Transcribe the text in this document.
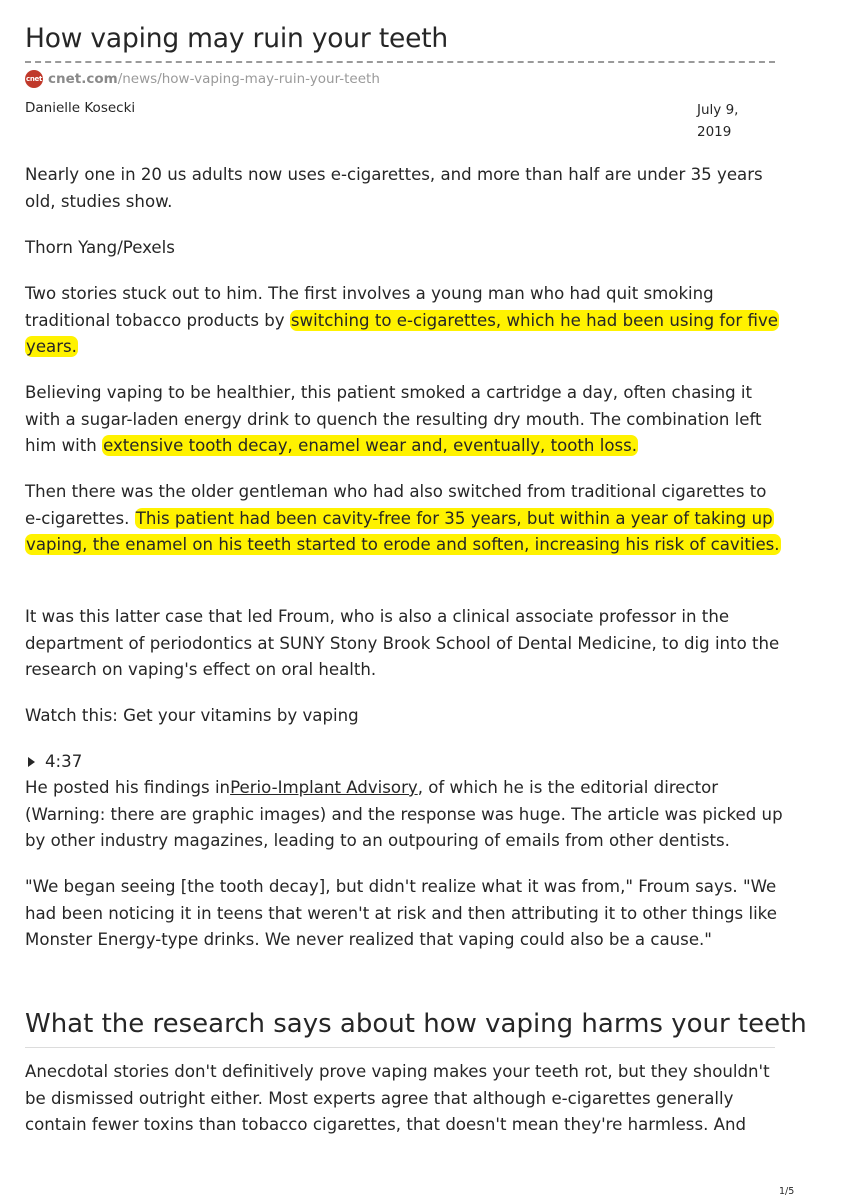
How vaping may ruin your teeth
cnet cnet.com /news/how-vaping-may-ruin-your-teeth
Danielle Kosecki	July 9, 2019

Nearly one in 20 us adults now uses e-cigarettes, and more than half are under 35 years old, studies show.

Thorn Yang/Pexels

Two stories stuck out to him. The first involves a young man who had quit smoking traditional tobacco products by switching to e-cigarettes, which he had been using for five years.

Believing vaping to be healthier, this patient smoked a cartridge a day, often chasing it with a sugar-laden energy drink to quench the resulting dry mouth. The combination left him with extensive tooth decay, enamel wear and, eventually, tooth loss.

Then there was the older gentleman who had also switched from traditional cigarettes to e-cigarettes. This patient had been cavity-free for 35 years, but within a year of taking up vaping, the enamel on his teeth started to erode and soften, increasing his risk of cavities.

It was this latter case that led Froum, who is also a clinical associate professor in the department of periodontics at SUNY Stony Brook School of Dental Medicine, to dig into the research on vaping's effect on oral health.

Watch this: Get your vitamins by vaping

4:37

He posted his findings inPerio-Implant Advisory, of which he is the editorial director (Warning: there are graphic images) and the response was huge. The article was picked up by other industry magazines, leading to an outpouring of emails from other dentists.

"We began seeing [the tooth decay], but didn't realize what it was from," Froum says. "We had been noticing it in teens that weren't at risk and then attributing it to other things like Monster Energy-type drinks. We never realized that vaping could also be a cause."

What the research says about how vaping harms your teeth

Anecdotal stories don't definitively prove vaping makes your teeth rot, but they shouldn't be dismissed outright either. Most experts agree that although e-cigarettes generally contain fewer toxins than tobacco cigarettes, that doesn't mean they're harmless. And

1/5
